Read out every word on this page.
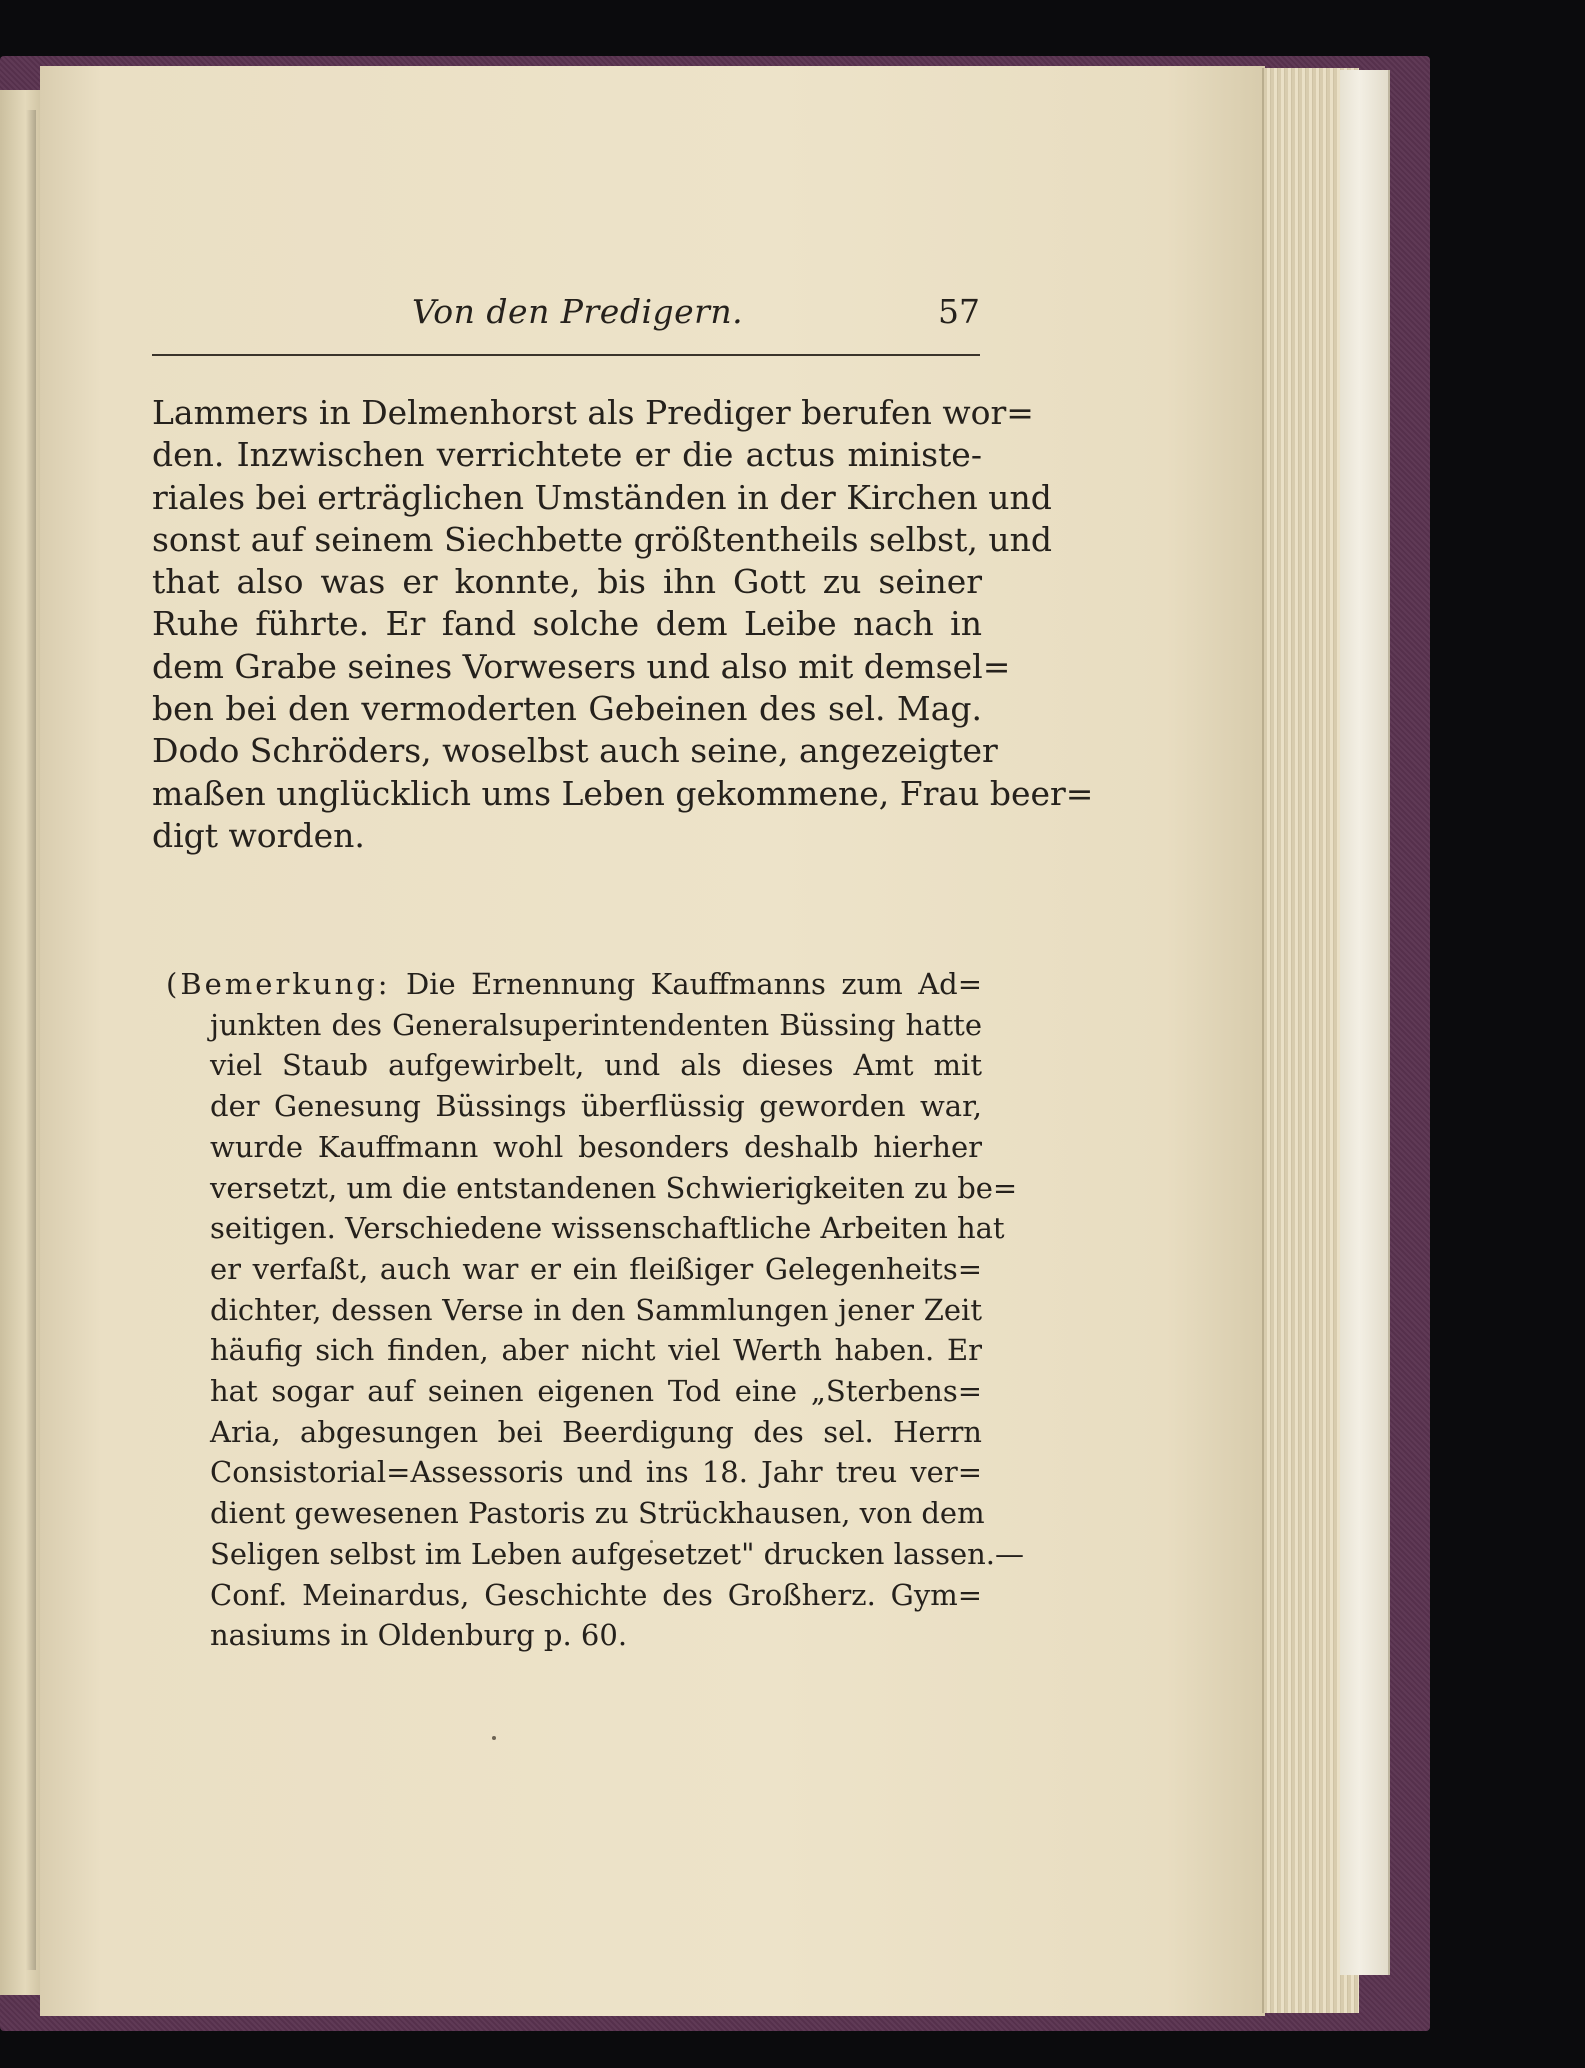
Von den Predigern.	57
Lammers in Delmenhorst als Prediger berufen wor=
den. Inzwischen verrichtete er die actus ministe-
riales bei erträglichen Umständen in der Kirchen und
sonst auf seinem Siechbette größtentheils selbst, und
that also was er konnte, bis ihn Gott zu seiner
Ruhe führte. Er fand solche dem Leibe nach in
dem Grabe seines Vorwesers und also mit demsel=
ben bei den vermoderten Gebeinen des sel. Mag.
Dodo Schröders, woselbst auch seine, angezeigter
maßen unglücklich ums Leben gekommene, Frau beer=
digt worden.
(Bemerkung: Die Ernennung Kauffmanns zum Ad=
junkten des Generalsuperintendenten Büssing hatte
viel Staub aufgewirbelt, und als dieses Amt mit
der Genesung Büssings überflüssig geworden war,
wurde Kauffmann wohl besonders deshalb hierher
versetzt, um die entstandenen Schwierigkeiten zu be=
seitigen. Verschiedene wissenschaftliche Arbeiten hat
er verfaßt, auch war er ein fleißiger Gelegenheits=
dichter, dessen Verse in den Sammlungen jener Zeit
häufig sich finden, aber nicht viel Werth haben. Er
hat sogar auf seinen eigenen Tod eine „Sterbens=
Aria, abgesungen bei Beerdigung des sel. Herrn
Consistorial=Assessoris und ins 18. Jahr treu ver=
dient gewesenen Pastoris zu Strückhausen, von dem
Seligen selbst im Leben aufgesetzet" drucken lassen.—
Conf. Meinardus, Geschichte des Großherz. Gym=
nasiums in Oldenburg p. 60.
